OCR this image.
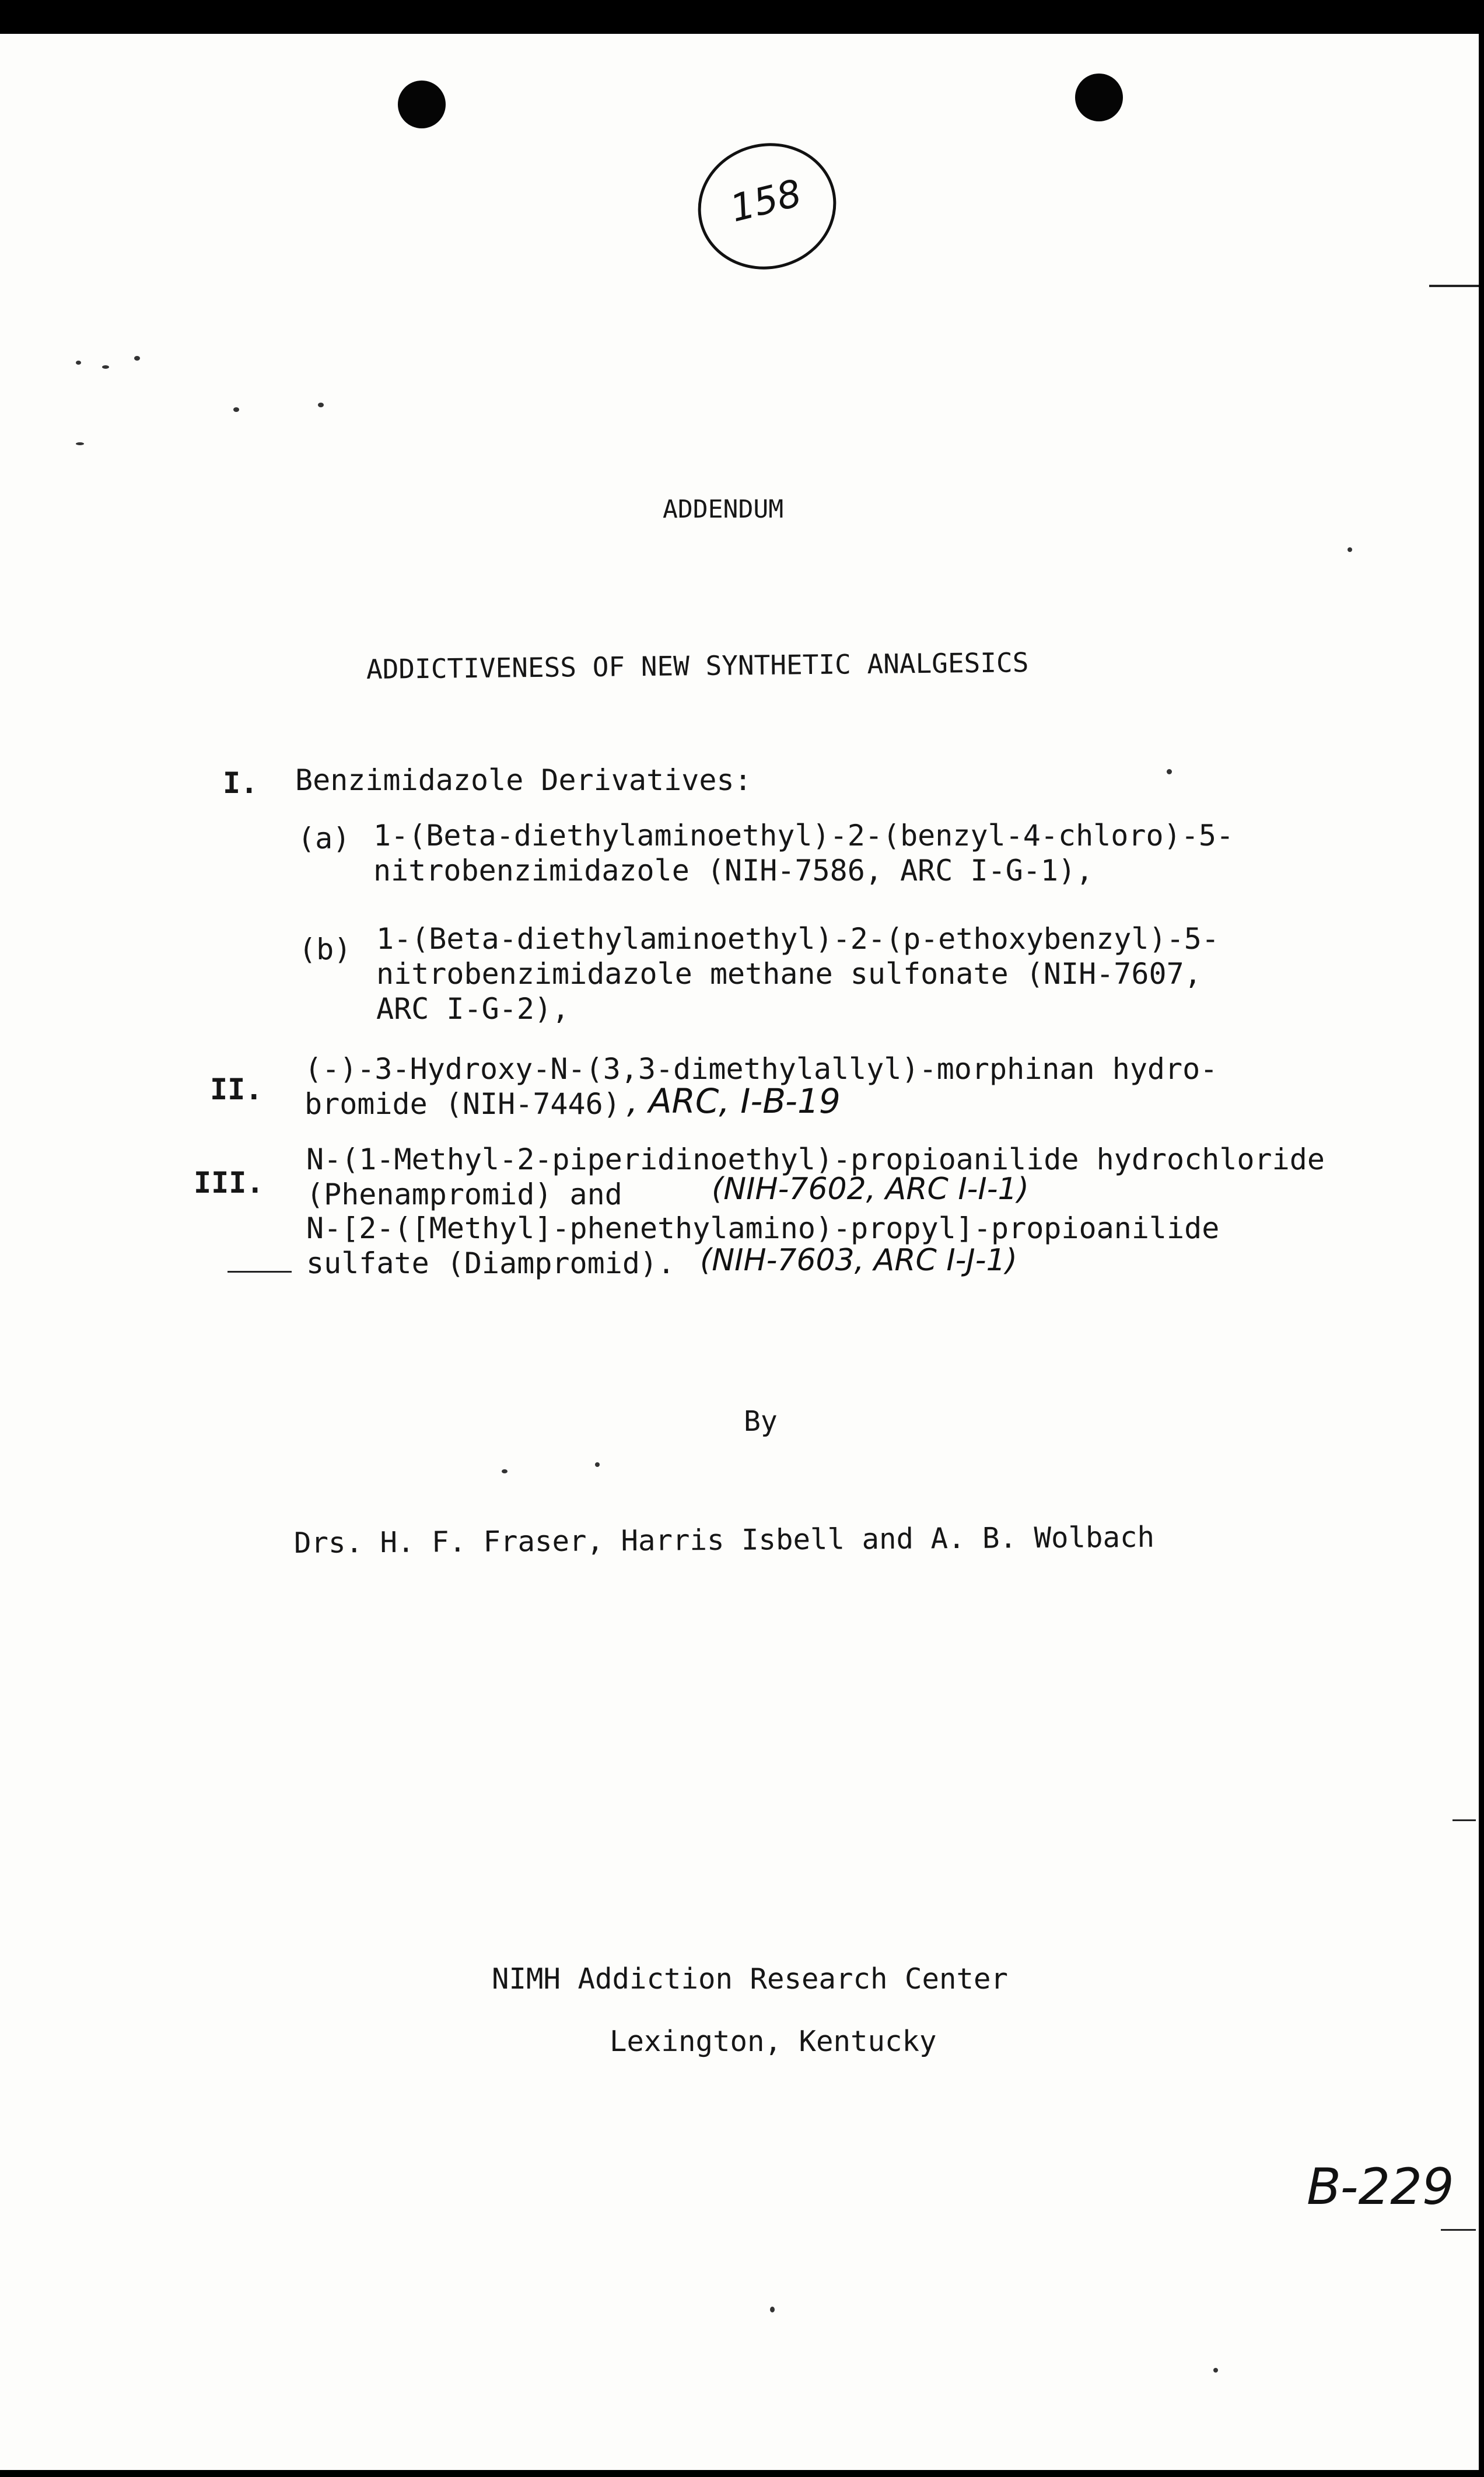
158
ADDENDUM
ADDICTIVENESS OF NEW SYNTHETIC ANALGESICS
I. Benzimidazole Derivatives:
(a) 1-(Beta-diethylaminoethyl)-2-(benzyl-4-chloro)-5-
nitrobenzimidazole (NIH-7586, ARC I-G-1),
(b) 1-(Beta-diethylaminoethyl)-2-(p-ethoxybenzyl)-5-
nitrobenzimidazole methane sulfonate (NIH-7607,
ARC I-G-2),
II.
(-)-3-Hydroxy-N-(3,3-dimethylallyl)-morphinan hydro-
bromide (NIH-7446) , ARC, I-B-19
III.
N-(1-Methyl-2-piperidinoethyl)-propioanilide hydrochloride
(Phenampromid) and	(NIH-7602, ARC I-I-1)
N-[2-([Methyl]-phenethylamino)-propyl]-propioanilide
sulfate (Diampromid). (NIH-7603, ARC I-J-1)
By
Drs. H. F. Fraser, Harris Isbell and A. B. Wolbach
NIMH Addiction Research Center
Lexington, Kentucky
B-229
